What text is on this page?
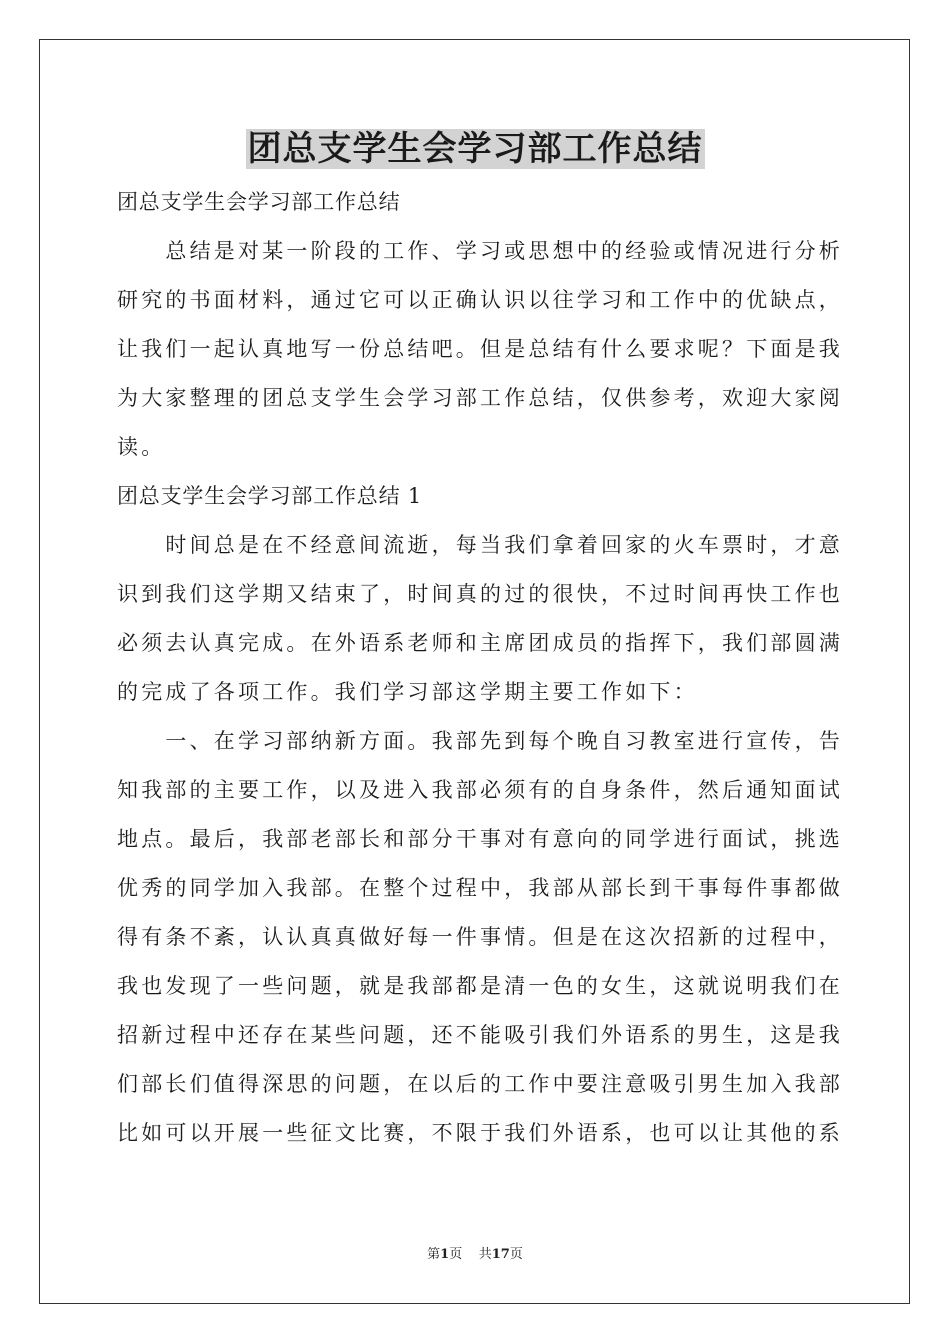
团总支学生会学习部工作总结
团总支学生会学习部工作总结
　　总结是对某一阶段的工作、学习或思想中的经验或情况进行分析
研究的书面材料，通过它可以正确认识以往学习和工作中的优缺点，
让我们一起认真地写一份总结吧。但是总结有什么要求呢？下面是我
为大家整理的团总支学生会学习部工作总结，仅供参考，欢迎大家阅
读。
团总支学生会学习部工作总结 1
　　时间总是在不经意间流逝，每当我们拿着回家的火车票时，才意
识到我们这学期又结束了，时间真的过的很快，不过时间再快工作也
必须去认真完成。在外语系老师和主席团成员的指挥下，我们部圆满
的完成了各项工作。我们学习部这学期主要工作如下：
　　一、在学习部纳新方面。我部先到每个晚自习教室进行宣传，告
知我部的主要工作，以及进入我部必须有的自身条件，然后通知面试
地点。最后，我部老部长和部分干事对有意向的同学进行面试，挑选
优秀的同学加入我部。在整个过程中，我部从部长到干事每件事都做
得有条不紊，认认真真做好每一件事情。但是在这次招新的过程中，
我也发现了一些问题，就是我部都是清一色的女生，这就说明我们在
招新过程中还存在某些问题，还不能吸引我们外语系的男生，这是我
们部长们值得深思的问题，在以后的工作中要注意吸引男生加入我部
比如可以开展一些征文比赛，不限于我们外语系，也可以让其他的系
第1页 共17页
